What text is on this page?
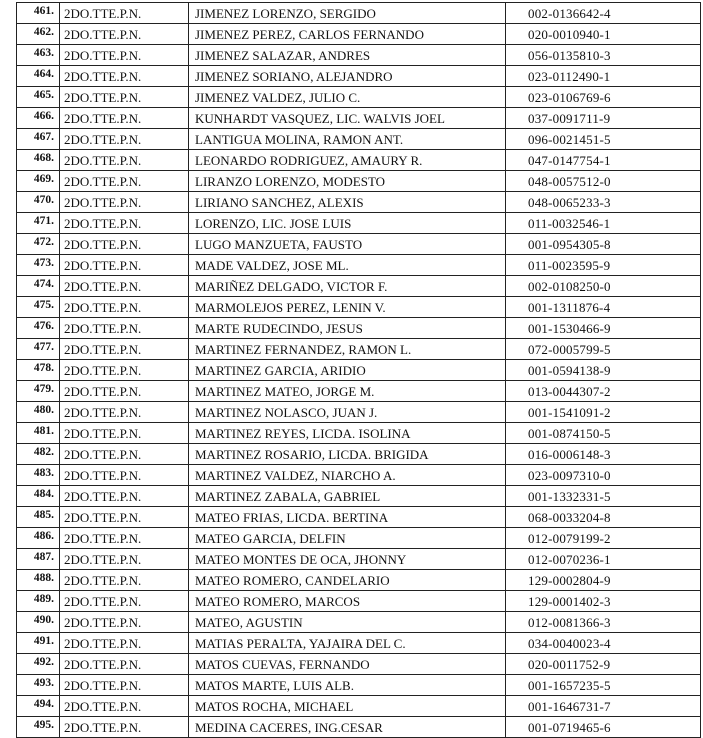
461.	2DO.TTE.P.N.	JIMENEZ LORENZO, SERGIDO	002-0136642-4
462.	2DO.TTE.P.N.	JIMENEZ PEREZ, CARLOS FERNANDO	020-0010940-1
463.	2DO.TTE.P.N.	JIMENEZ SALAZAR, ANDRES	056-0135810-3
464.	2DO.TTE.P.N.	JIMENEZ SORIANO, ALEJANDRO	023-0112490-1
465.	2DO.TTE.P.N.	JIMENEZ VALDEZ, JULIO C.	023-0106769-6
466.	2DO.TTE.P.N.	KUNHARDT VASQUEZ, LIC. WALVIS JOEL	037-0091711-9
467.	2DO.TTE.P.N.	LANTIGUA MOLINA, RAMON ANT.	096-0021451-5
468.	2DO.TTE.P.N.	LEONARDO RODRIGUEZ, AMAURY R.	047-0147754-1
469.	2DO.TTE.P.N.	LIRANZO LORENZO, MODESTO	048-0057512-0
470.	2DO.TTE.P.N.	LIRIANO SANCHEZ, ALEXIS	048-0065233-3
471.	2DO.TTE.P.N.	LORENZO, LIC. JOSE LUIS	011-0032546-1
472.	2DO.TTE.P.N.	LUGO MANZUETA, FAUSTO	001-0954305-8
473.	2DO.TTE.P.N.	MADE VALDEZ, JOSE ML.	011-0023595-9
474.	2DO.TTE.P.N.	MARIÑEZ DELGADO, VICTOR F.	002-0108250-0
475.	2DO.TTE.P.N.	MARMOLEJOS PEREZ, LENIN V.	001-1311876-4
476.	2DO.TTE.P.N.	MARTE RUDECINDO, JESUS	001-1530466-9
477.	2DO.TTE.P.N.	MARTINEZ FERNANDEZ, RAMON L.	072-0005799-5
478.	2DO.TTE.P.N.	MARTINEZ GARCIA, ARIDIO	001-0594138-9
479.	2DO.TTE.P.N.	MARTINEZ MATEO, JORGE M.	013-0044307-2
480.	2DO.TTE.P.N.	MARTINEZ NOLASCO, JUAN J.	001-1541091-2
481.	2DO.TTE.P.N.	MARTINEZ REYES, LICDA. ISOLINA	001-0874150-5
482.	2DO.TTE.P.N.	MARTINEZ ROSARIO, LICDA. BRIGIDA	016-0006148-3
483.	2DO.TTE.P.N.	MARTINEZ VALDEZ, NIARCHO A.	023-0097310-0
484.	2DO.TTE.P.N.	MARTINEZ ZABALA, GABRIEL	001-1332331-5
485.	2DO.TTE.P.N.	MATEO FRIAS, LICDA. BERTINA	068-0033204-8
486.	2DO.TTE.P.N.	MATEO GARCIA, DELFIN	012-0079199-2
487.	2DO.TTE.P.N.	MATEO MONTES DE OCA, JHONNY	012-0070236-1
488.	2DO.TTE.P.N.	MATEO ROMERO, CANDELARIO	129-0002804-9
489.	2DO.TTE.P.N.	MATEO ROMERO, MARCOS	129-0001402-3
490.	2DO.TTE.P.N.	MATEO, AGUSTIN	012-0081366-3
491.	2DO.TTE.P.N.	MATIAS PERALTA, YAJAIRA DEL C.	034-0040023-4
492.	2DO.TTE.P.N.	MATOS CUEVAS, FERNANDO	020-0011752-9
493.	2DO.TTE.P.N.	MATOS MARTE, LUIS ALB.	001-1657235-5
494.	2DO.TTE.P.N.	MATOS ROCHA, MICHAEL	001-1646731-7
495.	2DO.TTE.P.N.	MEDINA CACERES, ING.CESAR	001-0719465-6
